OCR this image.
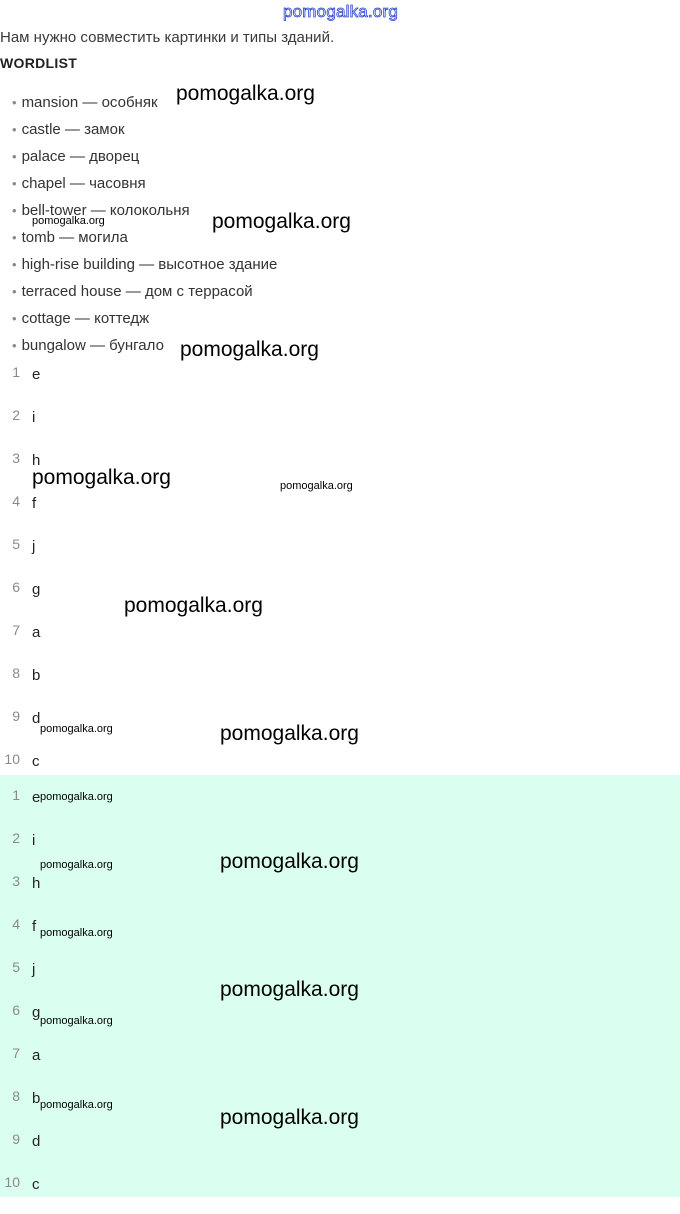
pomogalka.org
Нам нужно совместить картинки и типы зданий.
WORDLIST
• mansion — особняк
• castle — замок
• palace — дворец
• chapel — часовня
• bell-tower — колокольня
• tomb — могила
• high-rise building — высотное здание
• terraced house — дом с террасой
• cottage — коттедж
• bungalow — бунгало
1 e
2 i
3 h
4 f
5 j
6 g
7 a
8 b
9 d
10 c
1 e
2 i
3 h
4 f
5 j
6 g
7 a
8 b
9 d
10 c
pomogalka.org
pomogalka.org
pomogalka.org
pomogalka.org
pomogalka.org	pomogalka.org
pomogalka.org
pomogalka.org	pomogalka.org
pomogalka.org
pomogalka.org
pomogalka.org
pomogalka.org
pomogalka.org
pomogalka.org
pomogalka.org
pomogalka.org
